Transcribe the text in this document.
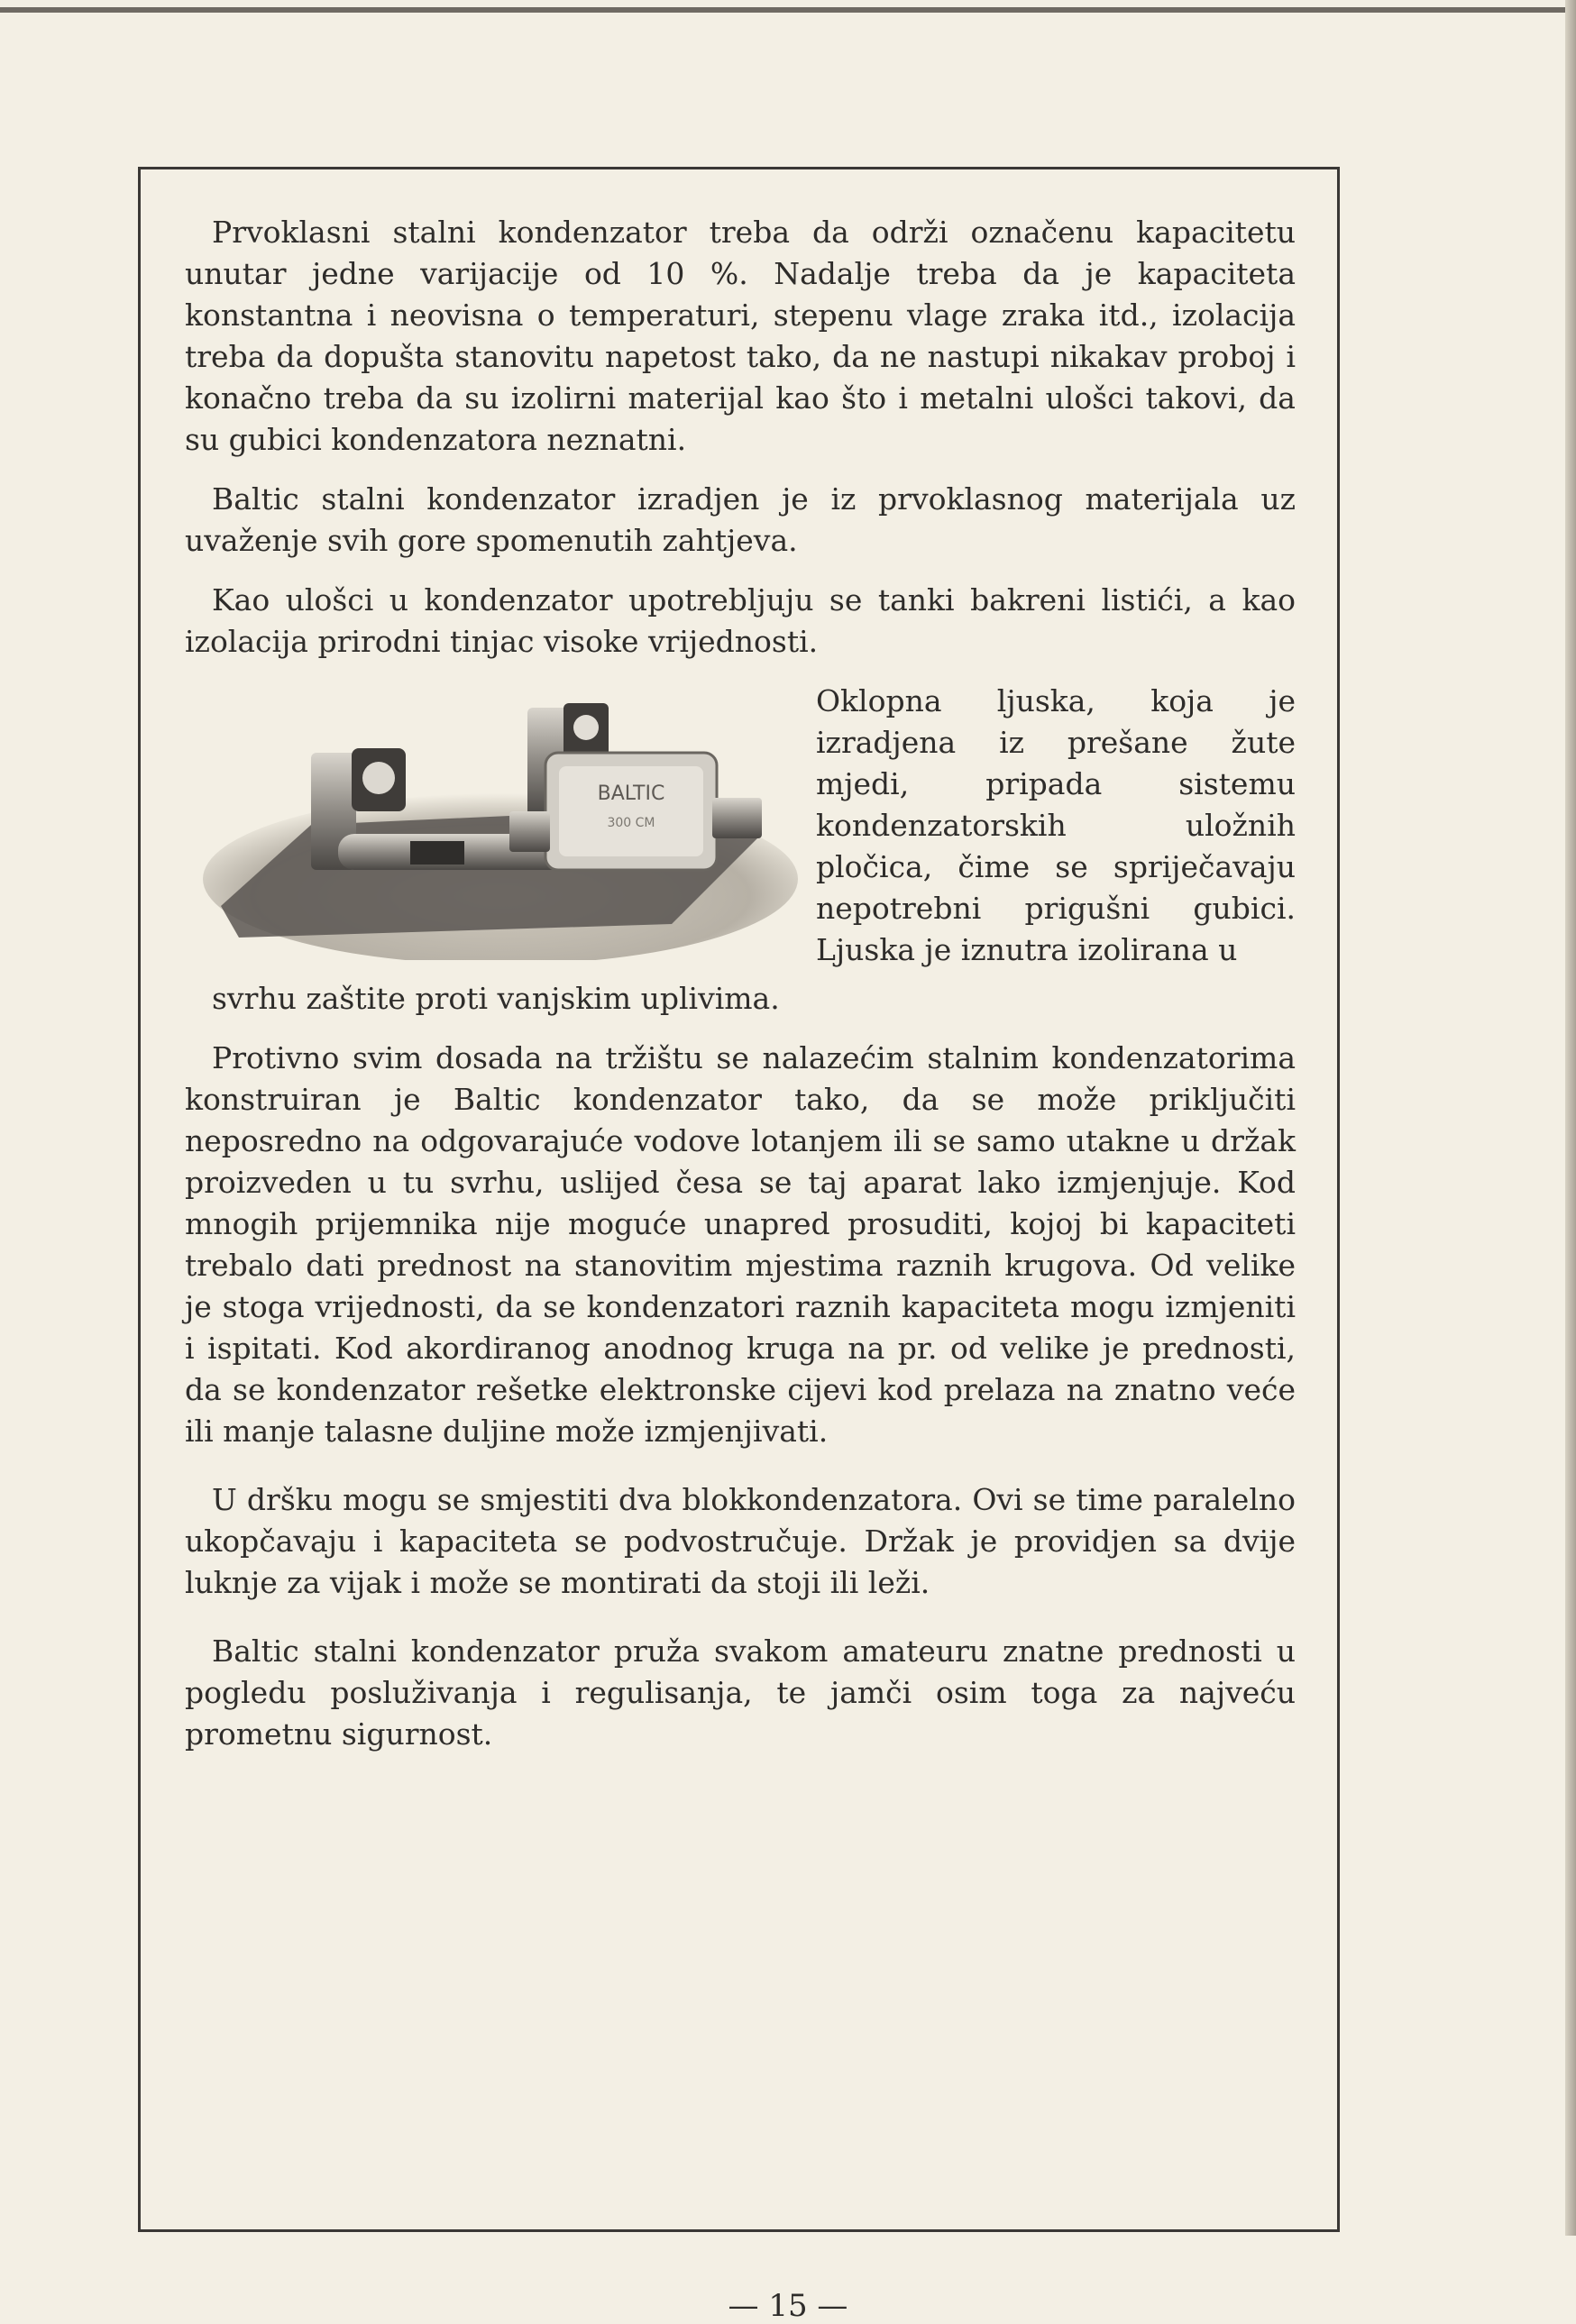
Prvoklasni stalni kondenzator treba da održi označenu kapacitetu unutar jedne varijacije od 10 %. Nadalje treba da je kapaciteta konstantna i neovisna o temperaturi, stepenu vlage zraka itd., izolacija treba da dopušta stanovitu napetost tako, da ne nastupi nikakav proboj i konačno treba da su izolirni materijal kao što i metalni ulošci takovi, da su gubici kondenzatora neznatni.

Baltic stalni kondenzator izradjen je iz prvoklasnog materijala uz uvaženje svih gore spomenutih zahtjeva.

Kao ulošci u kondenzator upotrebljuju se tanki bakreni listići, a kao izolacija prirodni tinjac visoke vrijednosti.

BALTIC
300 CM
Oklopna ljuska, koja je izradjena iz prešane žute mjedi, pripada sistemu kondenzatorskih uložnih pločica, čime se spriječavaju nepotrebni prigušni gubici. Ljuska je iznutra izolirana u

svrhu zaštite proti vanjskim uplivima.

Protivno svim dosada na tržištu se nalazećim stalnim kondenzatorima konstruiran je Baltic kondenzator tako, da se može priključiti neposredno na odgovarajuće vodove lotanjem ili se samo utakne u držak proizveden u tu svrhu, uslijed česa se taj aparat lako izmjenjuje. Kod mnogih prijemnika nije moguće unapred prosuditi, kojoj bi kapaciteti trebalo dati prednost na stanovitim mjestima raznih krugova. Od velike je stoga vrijednosti, da se kondenzatori raznih kapaciteta mogu izmjeniti i ispitati. Kod akordiranog anodnog kruga na pr. od velike je prednosti, da se kondenzator rešetke elektronske cijevi kod prelaza na znatno veće ili manje talasne duljine može izmjenjivati.

U dršku mogu se smjestiti dva blokkondenzatora. Ovi se time paralelno ukopčavaju i kapaciteta se podvostručuje. Držak je providjen sa dvije luknje za vijak i može se montirati da stoji ili leži.

Baltic stalni kondenzator pruža svakom amateuru znatne prednosti u pogledu posluživanja i regulisanja, te jamči osim toga za najveću prometnu sigurnost.

— 15 —
